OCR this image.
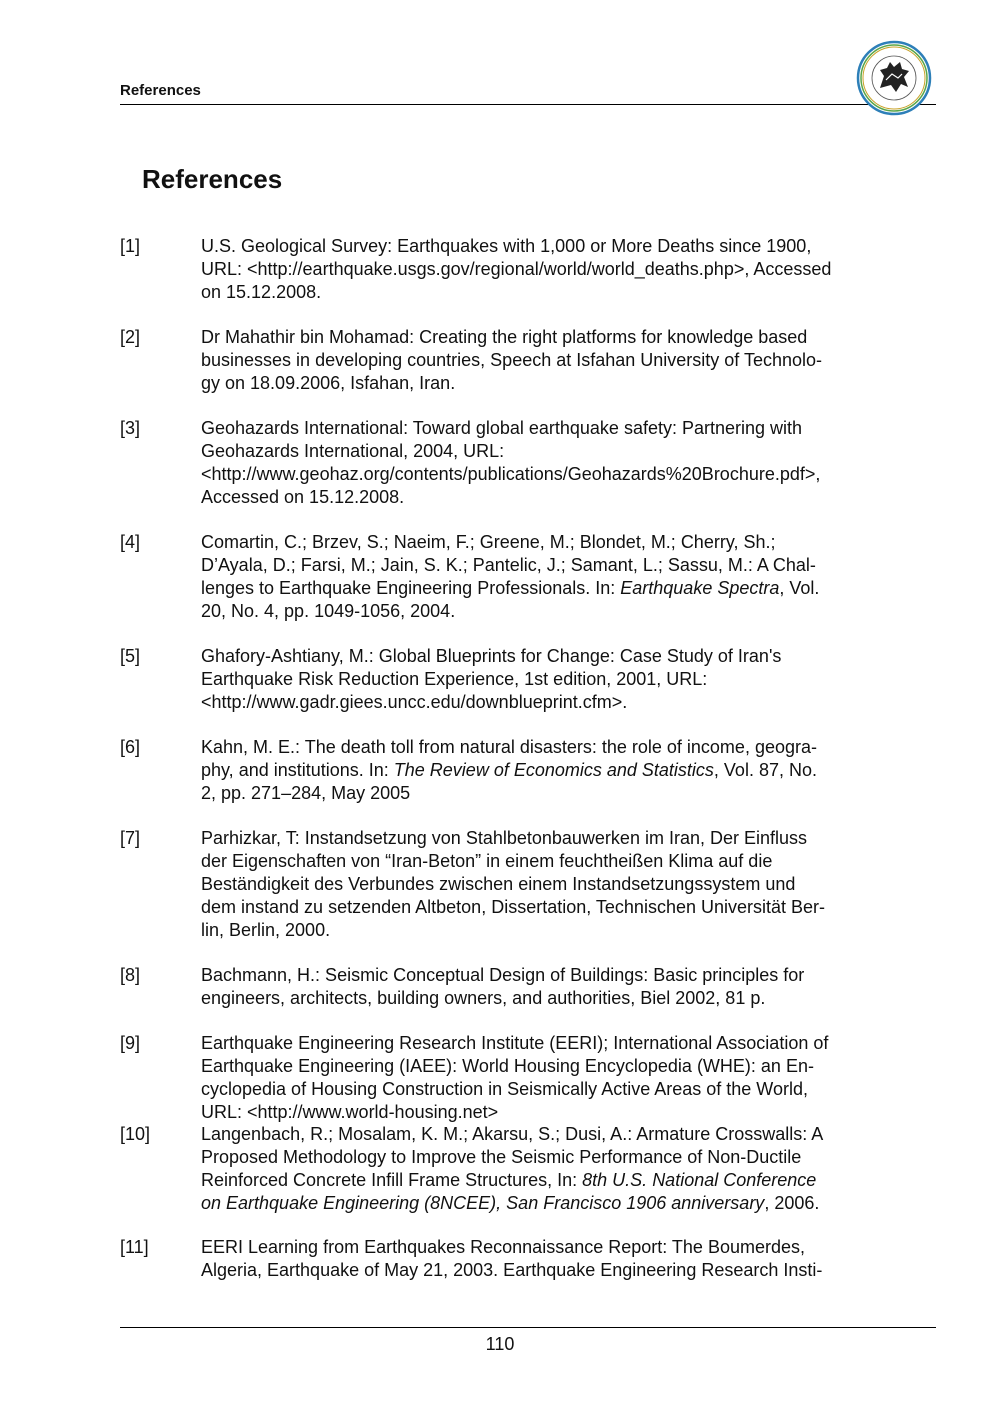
References
References
[1]	U.S. Geological Survey: Earthquakes with 1,000 or More Deaths since 1900,
URL: <http://earthquake.usgs.gov/regional/world/world_deaths.php>, Accessed
on 15.12.2008.
[2]	Dr Mahathir bin Mohamad: Creating the right platforms for knowledge based
businesses in developing countries, Speech at Isfahan University of Technolo-
gy on 18.09.2006, Isfahan, Iran.
[3]	Geohazards International: Toward global earthquake safety: Partnering with
Geohazards International, 2004, URL:
<http://www.geohaz.org/contents/publications/Geohazards%20Brochure.pdf>,
Accessed on 15.12.2008.
[4]	Comartin, C.; Brzev, S.; Naeim, F.; Greene, M.; Blondet, M.; Cherry, Sh.;
D’Ayala, D.; Farsi, M.; Jain, S. K.; Pantelic, J.; Samant, L.; Sassu, M.: A Chal-
lenges to Earthquake Engineering Professionals. In: Earthquake Spectra, Vol.
20, No. 4, pp. 1049-1056, 2004.
[5]	Ghafory-Ashtiany, M.: Global Blueprints for Change: Case Study of Iran's
Earthquake Risk Reduction Experience, 1st edition, 2001, URL:
<http://www.gadr.giees.uncc.edu/downblueprint.cfm>.
[6]	Kahn, M. E.: The death toll from natural disasters: the role of income, geogra-
phy, and institutions. In: The Review of Economics and Statistics, Vol. 87, No.
2, pp. 271–284, May 2005
[7]	Parhizkar, T: Instandsetzung von Stahlbetonbauwerken im Iran, Der Einfluss
der Eigenschaften von “Iran-Beton” in einem feuchtheißen Klima auf die
Beständigkeit des Verbundes zwischen einem Instandsetzungssystem und
dem instand zu setzenden Altbeton, Dissertation, Technischen Universität Ber-
lin, Berlin, 2000.
[8]	Bachmann, H.: Seismic Conceptual Design of Buildings: Basic principles for
engineers, architects, building owners, and authorities, Biel 2002, 81 p.
[9]	Earthquake Engineering Research Institute (EERI); International Association of
Earthquake Engineering (IAEE): World Housing Encyclopedia (WHE): an En-
cyclopedia of Housing Construction in Seismically Active Areas of the World,
URL: <http://www.world-housing.net>
[10]	Langenbach, R.; Mosalam, K. M.; Akarsu, S.; Dusi, A.: Armature Crosswalls: A
Proposed Methodology to Improve the Seismic Performance of Non-Ductile
Reinforced Concrete Infill Frame Structures, In: 8th U.S. National Conference
on Earthquake Engineering (8NCEE), San Francisco 1906 anniversary, 2006.
[11]	EERI Learning from Earthquakes Reconnaissance Report: The Boumerdes,
Algeria, Earthquake of May 21, 2003. Earthquake Engineering Research Insti-
110
